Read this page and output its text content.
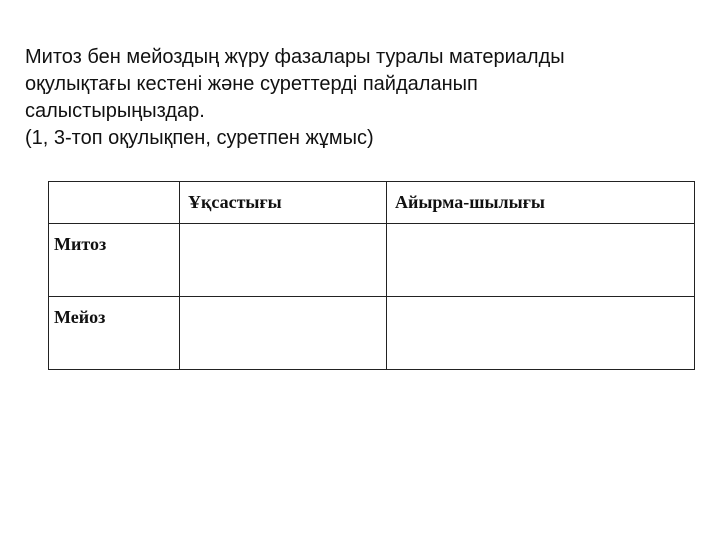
Митоз бен мейоздың жүру фазалары туралы материалды

оқулықтағы кестені және суреттерді пайдаланып

салыстырыңыздар.

(1, 3-топ оқулықпен, суретпен жұмыс)

	Ұқсастығы	Айырма-шылығы
Митоз		
Мейоз		
